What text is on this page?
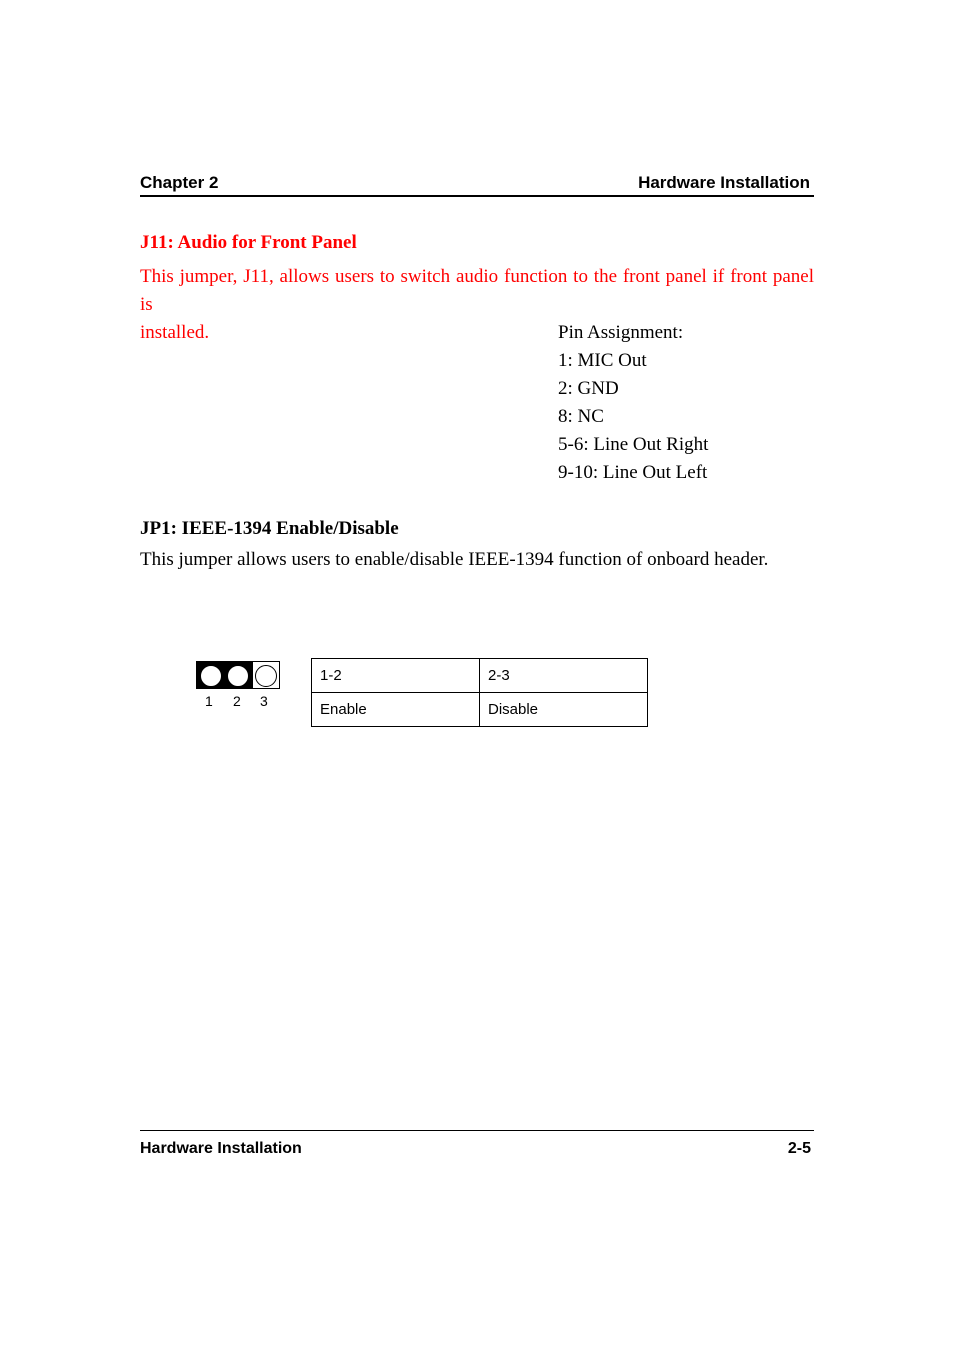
Chapter 2	Hardware Installation
J11: Audio for Front Panel
This jumper, J11, allows users to switch audio function to the front panel if front panel is
installed.	Pin Assignment:
1: MIC Out
2: GND
8: NC
5-6: Line Out Right
9-10: Line Out Left
JP1: IEEE-1394 Enable/Disable
This jumper allows users to enable/disable IEEE-1394 function of onboard header.
1 2 3
1-2	2-3
Enable	Disable
Hardware Installation	2-5
